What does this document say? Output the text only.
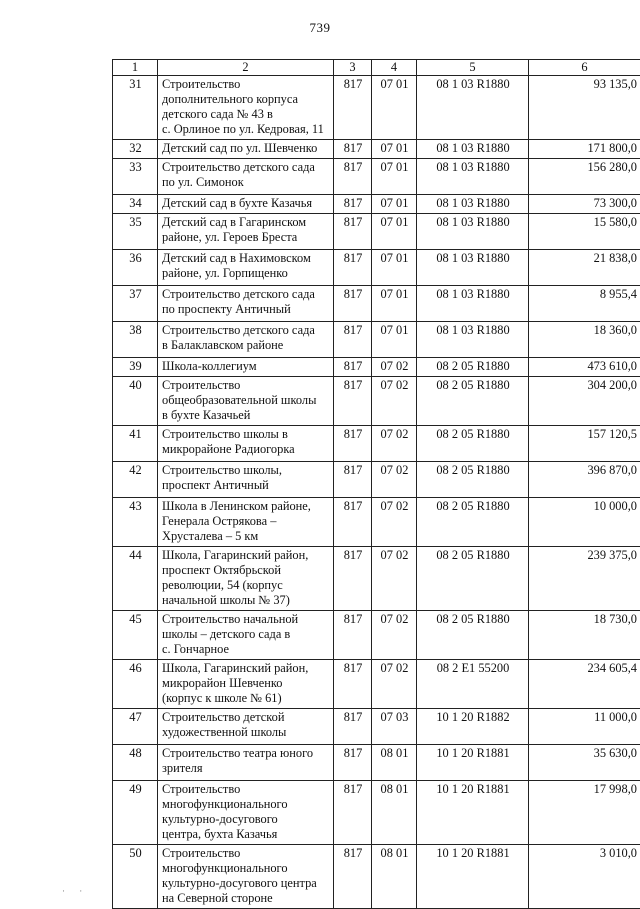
739
1	2	3	4	5	6
31	Строительство
дополнительного корпуса
детского сада № 43 в
с. Орлиное по ул. Кедровая, 11	817	07 01	08 1 03 R1880	93 135,0
32	Детский сад по ул. Шевченко	817	07 01	08 1 03 R1880	171 800,0
33	Строительство детского сада
по ул. Симонок	817	07 01	08 1 03 R1880	156 280,0
34	Детский сад в бухте Казачья	817	07 01	08 1 03 R1880	73 300,0
35	Детский сад в Гагаринском
районе, ул. Героев Бреста	817	07 01	08 1 03 R1880	15 580,0
36	Детский сад в Нахимовском
районе, ул. Горпищенко	817	07 01	08 1 03 R1880	21 838,0
37	Строительство детского сада
по проспекту Античный	817	07 01	08 1 03 R1880	8 955,4
38	Строительство детского сада
в Балаклавском районе	817	07 01	08 1 03 R1880	18 360,0
39	Школа-коллегиум	817	07 02	08 2 05 R1880	473 610,0
40	Строительство
общеобразовательной школы
в бухте Казачьей	817	07 02	08 2 05 R1880	304 200,0
41	Строительство школы в
микрорайоне Радиогорка	817	07 02	08 2 05 R1880	157 120,5
42	Строительство школы,
проспект Античный	817	07 02	08 2 05 R1880	396 870,0
43	Школа в Ленинском районе,
Генерала Острякова –
Хрусталева – 5 км	817	07 02	08 2 05 R1880	10 000,0
44	Школа, Гагаринский район,
проспект Октябрьской
революции, 54 (корпус
начальной школы № 37)	817	07 02	08 2 05 R1880	239 375,0
45	Строительство начальной
школы – детского сада в
с. Гончарное	817	07 02	08 2 05 R1880	18 730,0
46	Школа, Гагаринский район,
микрорайон Шевченко
(корпус к школе № 61)	817	07 02	08 2 E1 55200	234 605,4
47	Строительство детской
художественной школы	817	07 03	10 1 20 R1882	11 000,0
48	Строительство театра юного
зрителя	817	08 01	10 1 20 R1881	35 630,0
49	Строительство
многофункционального
культурно-досугового
центра, бухта Казачья	817	08 01	10 1 20 R1881	17 998,0
50	Строительство
многофункционального
культурно-досугового центра
на Северной стороне	817	08 01	10 1 20 R1881	3 010,0
· ·
